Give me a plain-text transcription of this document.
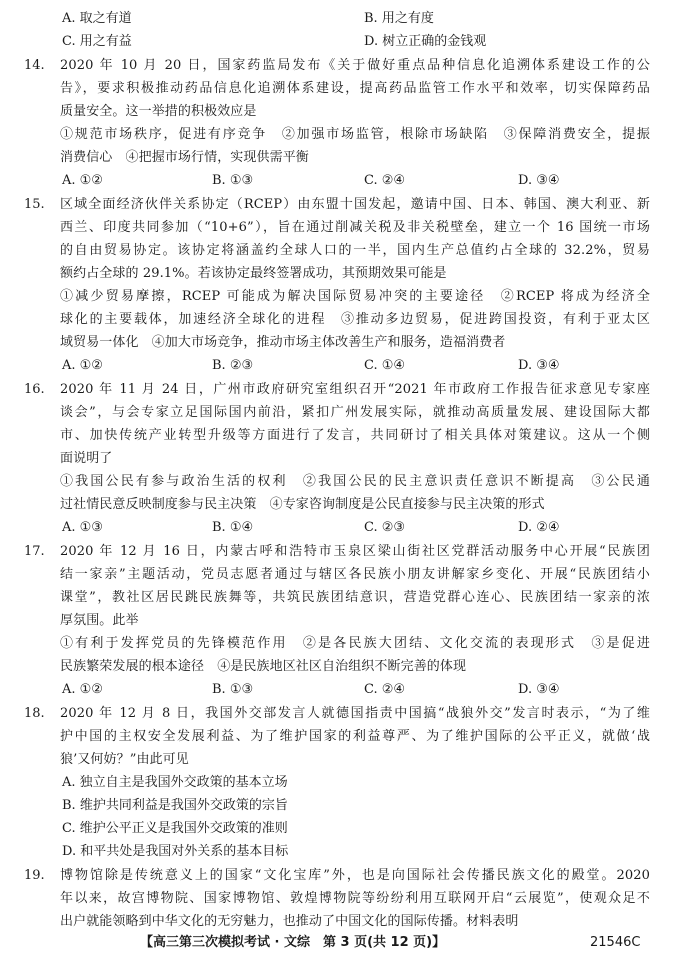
A. 取之有道	B. 用之有度
C. 用之有益	D. 树立正确的金钱观
14. 2020 年 10 月 20 日，国家药监局发布《关于做好重点品种信息化追溯体系建设工作的公
告》，要求积极推动药品信息化追溯体系建设，提高药品监管工作水平和效率，切实保障药品
质量安全。这一举措的积极效应是
①规范市场秩序，促进有序竞争　②加强市场监管，根除市场缺陷　③保障消费安全，提振
消费信心　④把握市场行情，实现供需平衡
A. ①②	B. ①③	C. ②④	D. ③④
15. 区域全面经济伙伴关系协定（RCEP）由东盟十国发起，邀请中国、日本、韩国、澳大利亚、新
西兰、印度共同参加（“10+6”），旨在通过削减关税及非关税壁垒，建立一个 16 国统一市场
的自由贸易协定。该协定将涵盖约全球人口的一半，国内生产总值约占全球的 32.2%，贸易
额约占全球的 29.1%。若该协定最终签署成功，其预期效果可能是
①减少贸易摩擦，RCEP 可能成为解决国际贸易冲突的主要途径　②RCEP 将成为经济全
球化的主要载体，加速经济全球化的进程　③推动多边贸易，促进跨国投资，有利于亚太区
域贸易一体化　④加大市场竞争，推动市场主体改善生产和服务，造福消费者
A. ①②	B. ②③	C. ①④	D. ③④
16. 2020 年 11 月 24 日，广州市政府研究室组织召开“2021 年市政府工作报告征求意见专家座
谈会”，与会专家立足国际国内前沿，紧扣广州发展实际，就推动高质量发展、建设国际大都
市、加快传统产业转型升级等方面进行了发言，共同研讨了相关具体对策建议。这从一个侧
面说明了
①我国公民有参与政治生活的权利　②我国公民的民主意识责任意识不断提高　③公民通
过社情民意反映制度参与民主决策　④专家咨询制度是公民直接参与民主决策的形式
A. ①③	B. ①④	C. ②③	D. ②④
17. 2020 年 12 月 16 日，内蒙古呼和浩特市玉泉区梁山街社区党群活动服务中心开展“民族团
结一家亲”主题活动，党员志愿者通过与辖区各民族小朋友讲解家乡变化、开展“民族团结小
课堂”，教社区居民跳民族舞等，共筑民族团结意识，营造党群心连心、民族团结一家亲的浓
厚氛围。此举
①有利于发挥党员的先锋模范作用　②是各民族大团结、文化交流的表现形式　③是促进
民族繁荣发展的根本途径　④是民族地区社区自治组织不断完善的体现
A. ①②	B. ①③	C. ②④	D. ③④
18. 2020 年 12 月 8 日，我国外交部发言人就德国指责中国搞“战狼外交”发言时表示，“为了维
护中国的主权安全发展利益、为了维护国家的利益尊严、为了维护国际的公平正义，就做‘战
狼’又何妨？”由此可见
A. 独立自主是我国外交政策的基本立场
B. 维护共同利益是我国外交政策的宗旨
C. 维护公平正义是我国外交政策的准则
D. 和平共处是我国对外关系的基本目标
19. 博物馆除是传统意义上的国家“文化宝库”外，也是向国际社会传播民族文化的殿堂。2020
年以来，故宫博物院、国家博物馆、敦煌博物院等纷纷利用互联网开启“云展览”，使观众足不
出户就能领略到中华文化的无穷魅力，也推动了中国文化的国际传播。材料表明
【高三第三次模拟考试 · 文综　第 3 页(共 12 页)】	21546C
